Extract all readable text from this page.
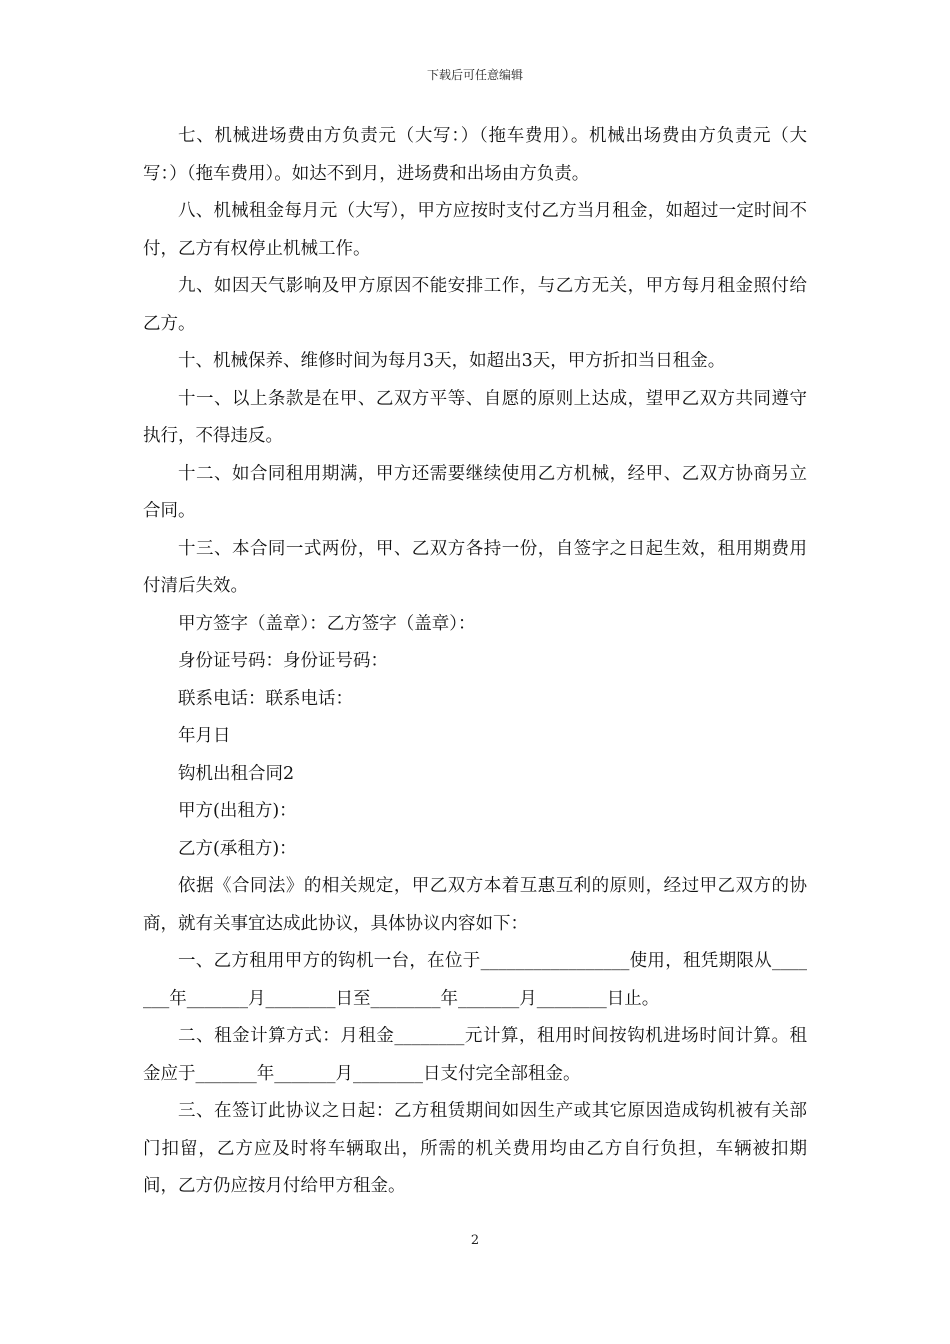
下载后可任意编辑

七、机械进场费由方负责元（大写：）（拖车费用）。机械出场费由方负责元（大写：）（拖车费用）。如达不到月，进场费和出场由方负责。

八、机械租金每月元（大写），甲方应按时支付乙方当月租金，如超过一定时间不付，乙方有权停止机械工作。

九、如因天气影响及甲方原因不能安排工作，与乙方无关，甲方每月租金照付给乙方。

十、机械保养、维修时间为每月3天，如超出3天，甲方折扣当日租金。

十一、以上条款是在甲、乙双方平等、自愿的原则上达成，望甲乙双方共同遵守执行，不得违反。

十二、如合同租用期满，甲方还需要继续使用乙方机械，经甲、乙双方协商另立合同。

十三、本合同一式两份，甲、乙双方各持一份，自签字之日起生效，租用期费用付清后失效。

甲方签字（盖章）：乙方签字（盖章）：

身份证号码：身份证号码：

联系电话：联系电话：

年月日

钩机出租合同2

甲方(出租方)：

乙方(承租方)：

依据《合同法》的相关规定，甲乙双方本着互惠互利的原则，经过甲乙双方的协商，就有关事宜达成此协议，具体协议内容如下：

一、乙方租用甲方的钩机一台，在位于_________________使用，租凭期限从_______年_______月________日至________年_______月________日止。

二、租金计算方式：月租金________元计算，租用时间按钩机进场时间计算。租金应于_______年_______月________日支付完全部租金。

三、在签订此协议之日起：乙方租赁期间如因生产或其它原因造成钩机被有关部门扣留，乙方应及时将车辆取出，所需的机关费用均由乙方自行负担，车辆被扣期间，乙方仍应按月付给甲方租金。

2
